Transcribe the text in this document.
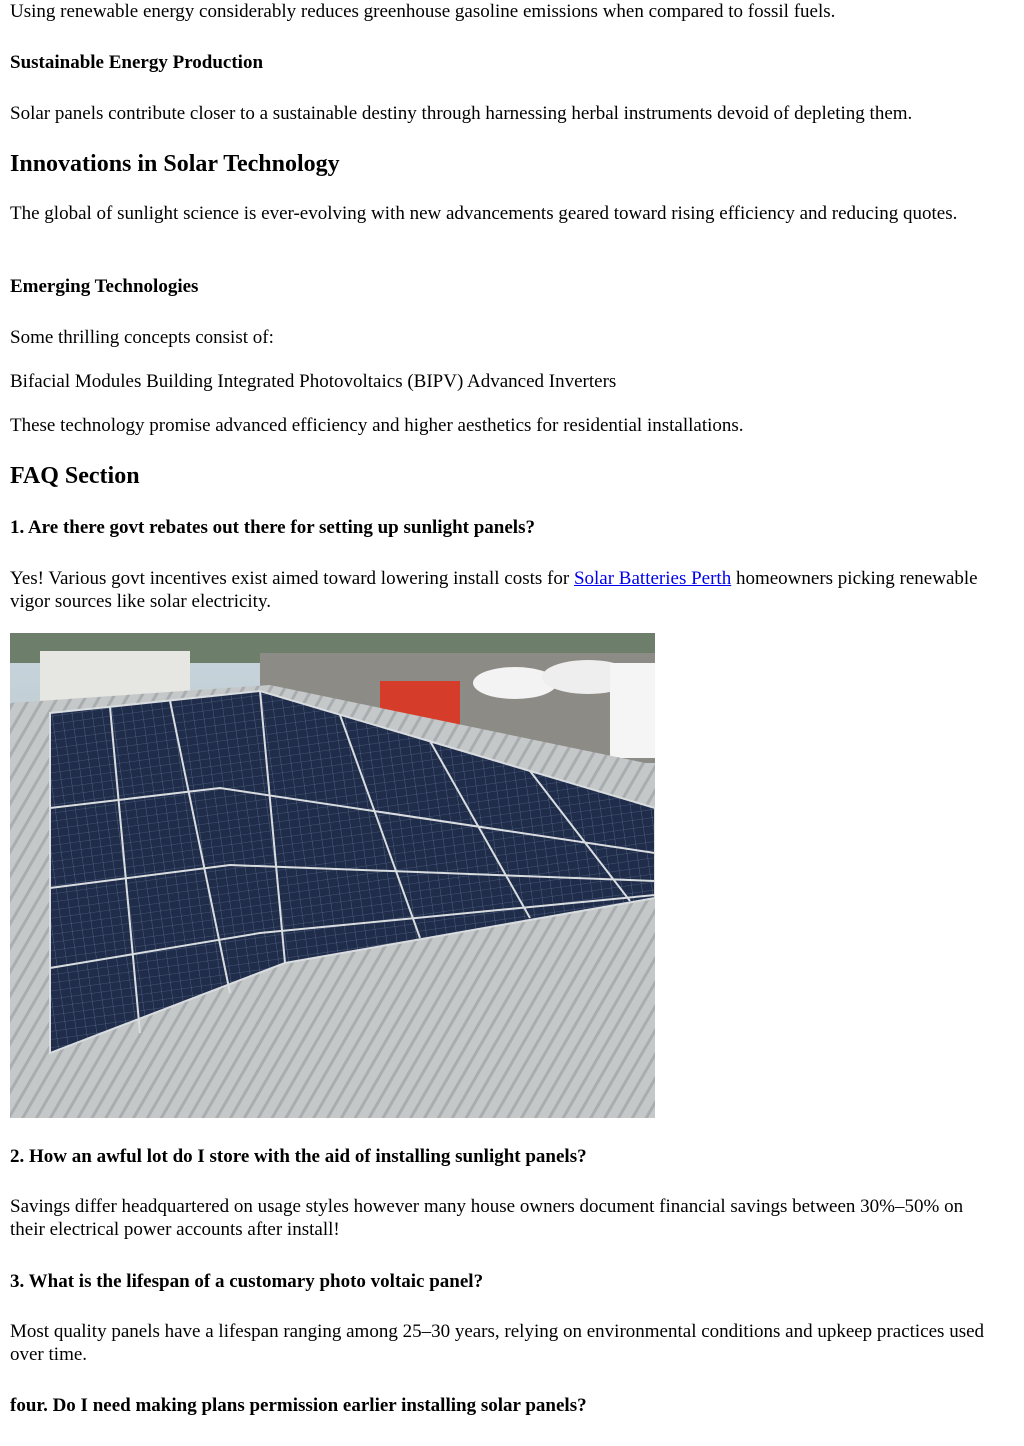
Using renewable energy considerably reduces greenhouse gasoline emissions when compared to fossil fuels.

Sustainable Energy Production

Solar panels contribute closer to a sustainable destiny through harnessing herbal instruments devoid of depleting them.

Innovations in Solar Technology

The global of sunlight science is ever-evolving with new advancements geared toward rising efficiency and reducing quotes.

Emerging Technologies

Some thrilling concepts consist of:

Bifacial Modules Building Integrated Photovoltaics (BIPV) Advanced Inverters

These technology promise advanced efficiency and higher aesthetics for residential installations.

FAQ Section
1. Are there govt rebates out there for setting up sunlight panels?

Yes! Various govt incentives exist aimed toward lowering install costs for Solar Batteries Perth homeowners picking renewable vigor sources like solar electricity.

2. How an awful lot do I store with the aid of installing sunlight panels?

Savings differ headquartered on usage styles however many house owners document financial savings between 30%–50% on their electrical power accounts after install!

3. What is the lifespan of a customary photo voltaic panel?

Most quality panels have a lifespan ranging among 25–30 years, relying on environmental conditions and upkeep practices used over time.

four. Do I need making plans permission earlier installing solar panels?
